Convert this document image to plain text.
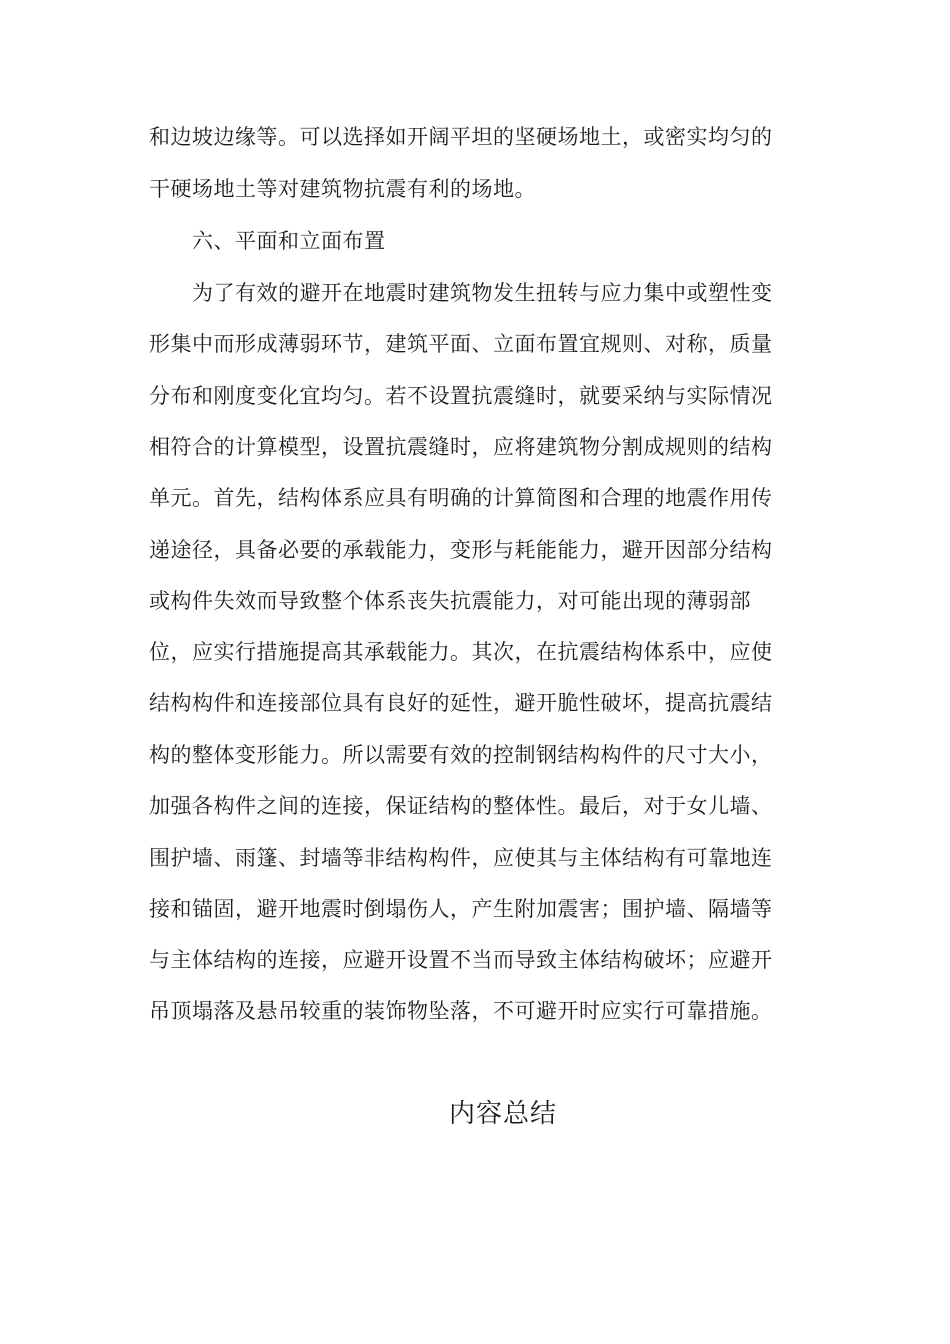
和边坡边缘等。可以选择如开阔平坦的坚硬场地土，或密实均匀的
干硬场地土等对建筑物抗震有利的场地。
六、平面和立面布置
为了有效的避开在地震时建筑物发生扭转与应力集中或塑性变
形集中而形成薄弱环节，建筑平面、立面布置宜规则、对称，质量
分布和刚度变化宜均匀。若不设置抗震缝时，就要采纳与实际情况
相符合的计算模型，设置抗震缝时，应将建筑物分割成规则的结构
单元。首先，结构体系应具有明确的计算简图和合理的地震作用传
递途径，具备必要的承载能力，变形与耗能能力，避开因部分结构
或构件失效而导致整个体系丧失抗震能力，对可能出现的薄弱部
位，应实行措施提高其承载能力。其次，在抗震结构体系中，应使
结构构件和连接部位具有良好的延性，避开脆性破坏，提高抗震结
构的整体变形能力。所以需要有效的控制钢结构构件的尺寸大小，
加强各构件之间的连接，保证结构的整体性。最后，对于女儿墙、
围护墙、雨篷、封墙等非结构构件，应使其与主体结构有可靠地连
接和锚固，避开地震时倒塌伤人，产生附加震害；围护墙、隔墙等
与主体结构的连接，应避开设置不当而导致主体结构破坏；应避开
吊顶塌落及悬吊较重的装饰物坠落，不可避开时应实行可靠措施。
内容总结
